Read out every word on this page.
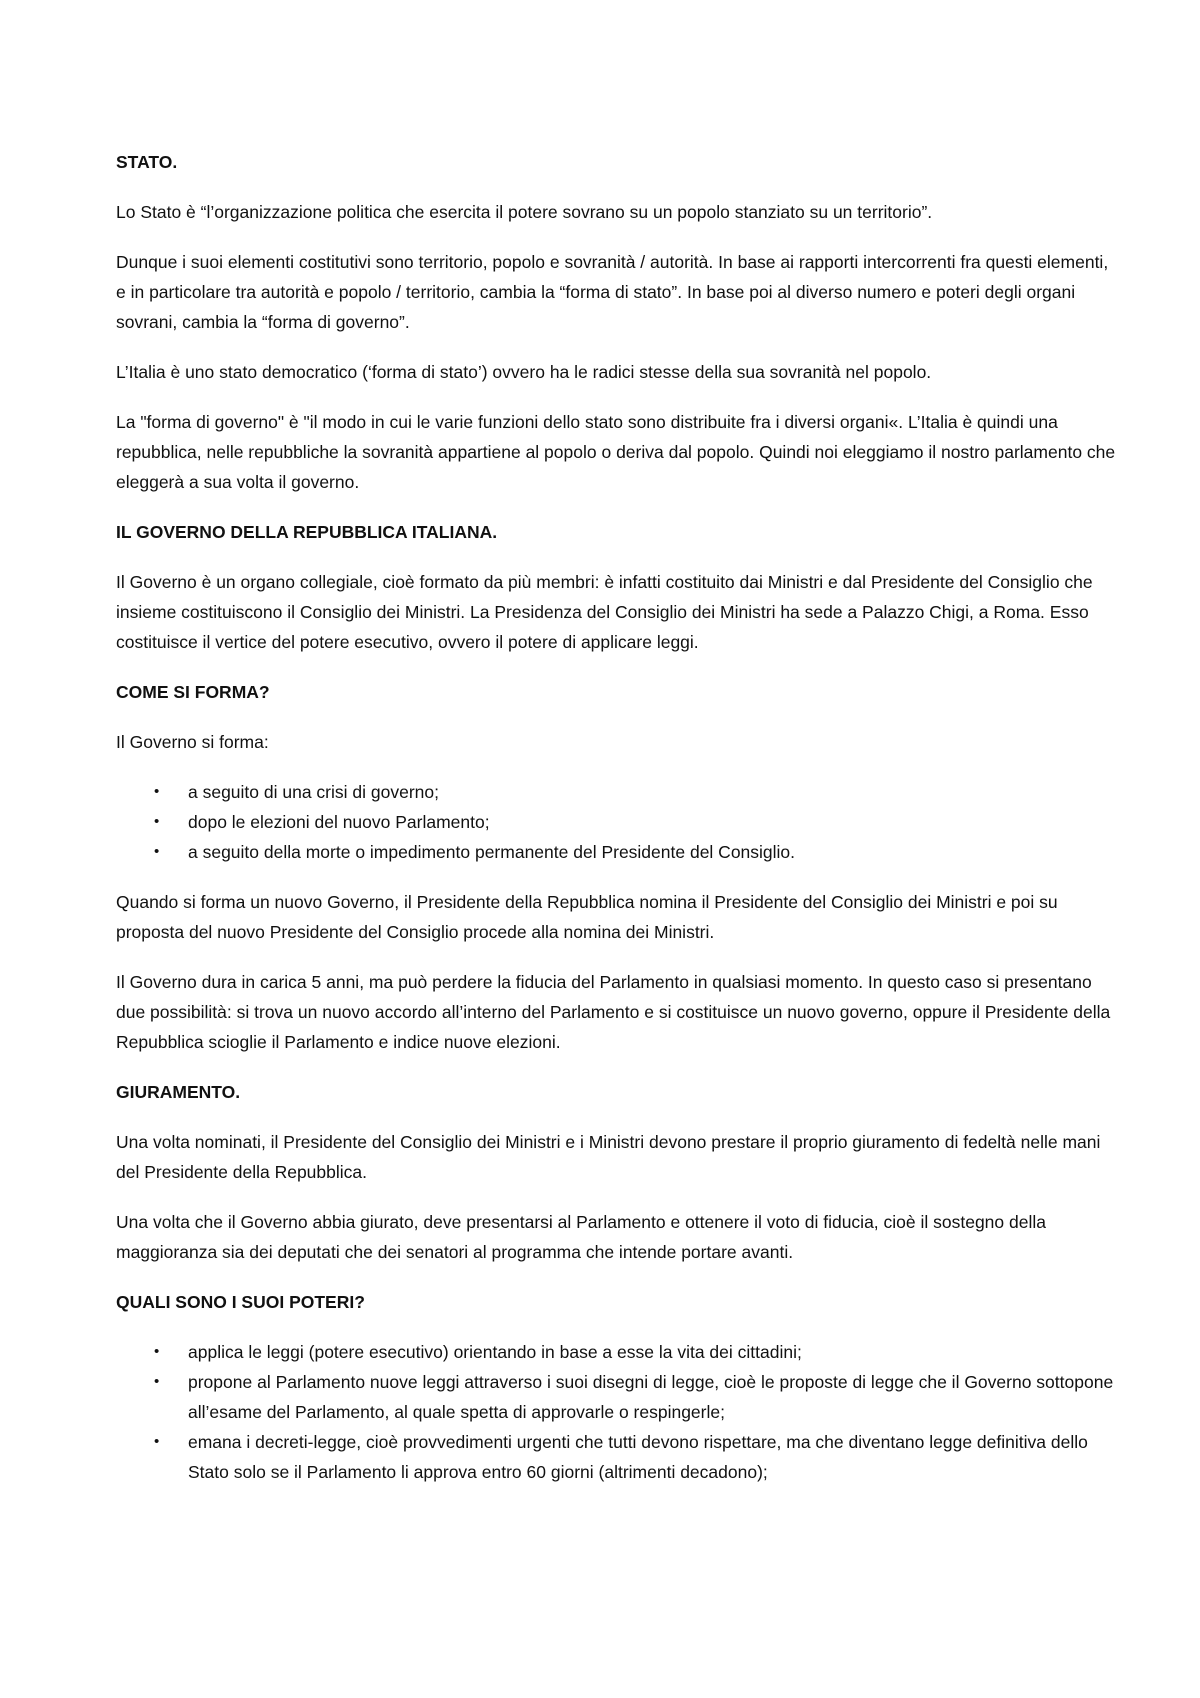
STATO.

Lo Stato è “l’organizzazione politica che esercita il potere sovrano su un popolo stanziato su un territorio”.

Dunque i suoi elementi costitutivi sono territorio, popolo e sovranità / autorità. In base ai rapporti intercorrenti fra questi elementi, e in particolare tra autorità e popolo / territorio, cambia la “forma di stato”. In base poi al diverso numero e poteri degli organi sovrani, cambia la “forma di governo”.

L’Italia è uno stato democratico (‘forma di stato’) ovvero ha le radici stesse della sua sovranità nel popolo.

La "forma di governo" è "il modo in cui le varie funzioni dello stato sono distribuite fra i diversi organi«. L’Italia è quindi una repubblica, nelle repubbliche la sovranità appartiene al popolo o deriva dal popolo. Quindi noi eleggiamo il nostro parlamento che eleggerà a sua volta il governo.

IL GOVERNO DELLA REPUBBLICA ITALIANA.

Il Governo è un organo collegiale, cioè formato da più membri: è infatti costituito dai Ministri e dal Presidente del Consiglio che insieme costituiscono il Consiglio dei Ministri. La Presidenza del Consiglio dei Ministri ha sede a Palazzo Chigi, a Roma. Esso costituisce il vertice del potere esecutivo, ovvero il potere di applicare leggi.

COME SI FORMA?

Il Governo si forma:

• a seguito di una crisi di governo;
• dopo le elezioni del nuovo Parlamento;
• a seguito della morte o impedimento permanente del Presidente del Consiglio.

Quando si forma un nuovo Governo, il Presidente della Repubblica nomina il Presidente del Consiglio dei Ministri e poi su proposta del nuovo Presidente del Consiglio procede alla nomina dei Ministri.

Il Governo dura in carica 5 anni, ma può perdere la fiducia del Parlamento in qualsiasi momento. In questo caso si presentano due possibilità: si trova un nuovo accordo all’interno del Parlamento e si costituisce un nuovo governo, oppure il Presidente della Repubblica scioglie il Parlamento e indice nuove elezioni.

GIURAMENTO.

Una volta nominati, il Presidente del Consiglio dei Ministri e i Ministri devono prestare il proprio giuramento di fedeltà nelle mani del Presidente della Repubblica.

Una volta che il Governo abbia giurato, deve presentarsi al Parlamento e ottenere il voto di fiducia, cioè il sostegno della maggioranza sia dei deputati che dei senatori al programma che intende portare avanti.

QUALI SONO I SUOI POTERI?

• applica le leggi (potere esecutivo) orientando in base a esse la vita dei cittadini;
• propone al Parlamento nuove leggi attraverso i suoi disegni di legge, cioè le proposte di legge che il Governo sottopone all’esame del Parlamento, al quale spetta di approvarle o respingerle;
• emana i decreti-legge, cioè provvedimenti urgenti che tutti devono rispettare, ma che diventano legge definitiva dello Stato solo se il Parlamento li approva entro 60 giorni (altrimenti decadono);
